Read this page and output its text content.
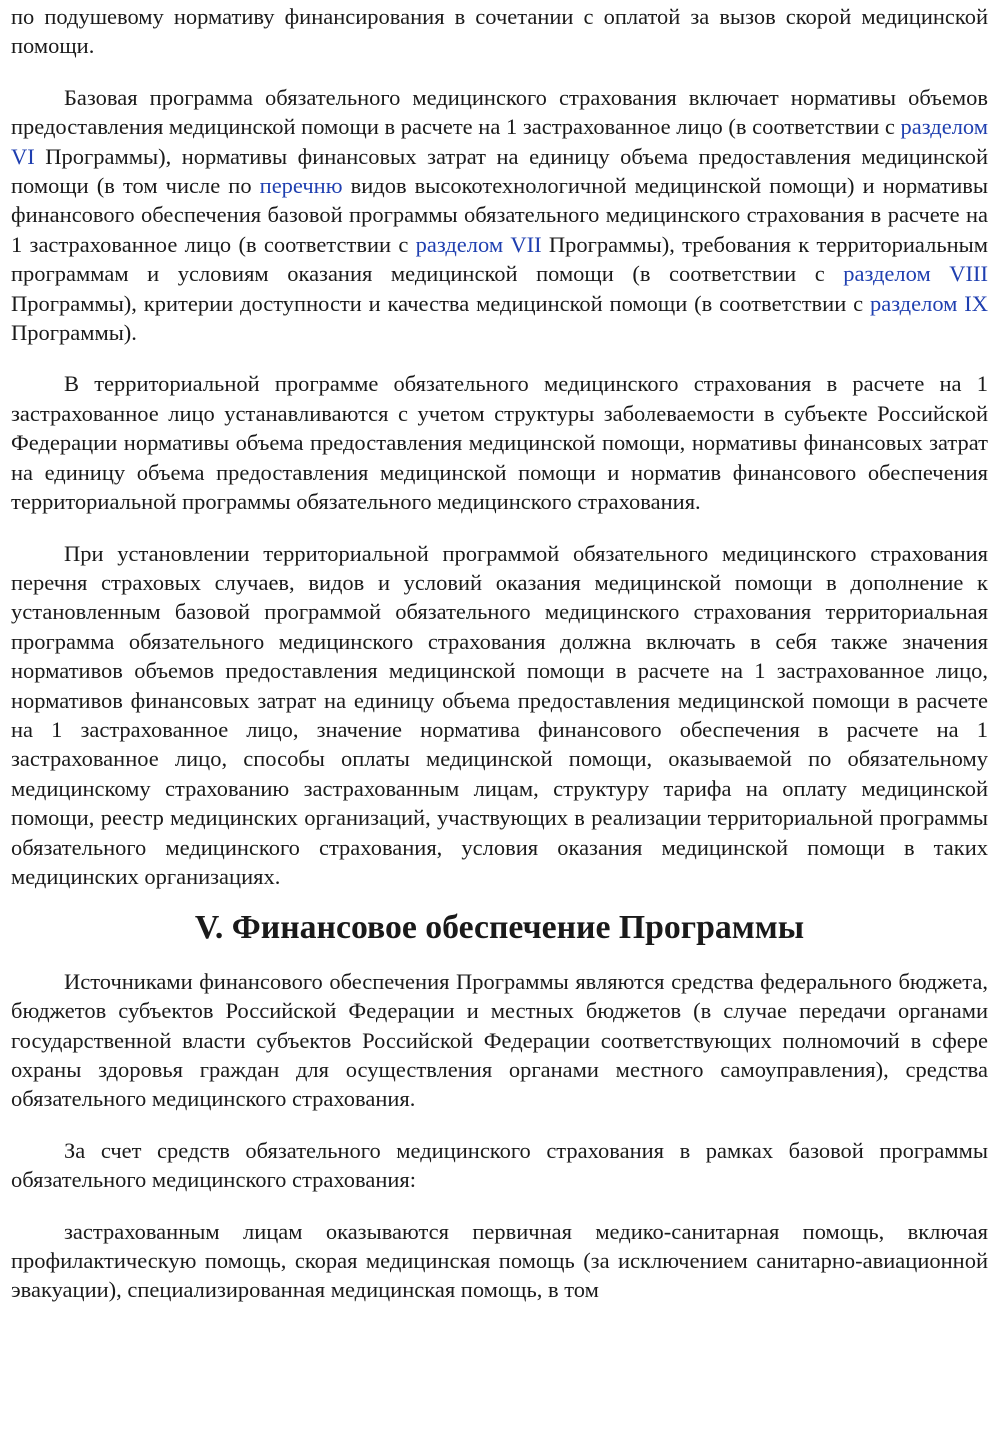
по подушевому нормативу финансирования в сочетании с оплатой за вызов скорой медицинской помощи.

Базовая программа обязательного медицинского страхования включает нормативы объемов предоставления медицинской помощи в расчете на 1 застрахованное лицо (в соответствии с разделом VI Программы), нормативы финансовых затрат на единицу объема предоставления медицинской помощи (в том числе по перечню видов высокотехнологичной медицинской помощи) и нормативы финансового обеспечения базовой программы обязательного медицинского страхования в расчете на 1 застрахованное лицо (в соответствии с разделом VII Программы), требования к территориальным программам и условиям оказания медицинской помощи (в соответствии с разделом VIII Программы), критерии доступности и качества медицинской помощи (в соответствии с разделом IX Программы).

В территориальной программе обязательного медицинского страхования в расчете на 1 застрахованное лицо устанавливаются с учетом структуры заболеваемости в субъекте Российской Федерации нормативы объема предоставления медицинской помощи, нормативы финансовых затрат на единицу объема предоставления медицинской помощи и норматив финансового обеспечения территориальной программы обязательного медицинского страхования.

При установлении территориальной программой обязательного медицинского страхования перечня страховых случаев, видов и условий оказания медицинской помощи в дополнение к установленным базовой программой обязательного медицинского страхования территориальная программа обязательного медицинского страхования должна включать в себя также значения нормативов объемов предоставления медицинской помощи в расчете на 1 застрахованное лицо, нормативов финансовых затрат на единицу объема предоставления медицинской помощи в расчете на 1 застрахованное лицо, значение норматива финансового обеспечения в расчете на 1 застрахованное лицо, способы оплаты медицинской помощи, оказываемой по обязательному медицинскому страхованию застрахованным лицам, структуру тарифа на оплату медицинской помощи, реестр медицинских организаций, участвующих в реализации территориальной программы обязательного медицинского страхования, условия оказания медицинской помощи в таких медицинских организациях.

V. Финансовое обеспечение Программы

Источниками финансового обеспечения Программы являются средства федерального бюджета, бюджетов субъектов Российской Федерации и местных бюджетов (в случае передачи органами государственной власти субъектов Российской Федерации соответствующих полномочий в сфере охраны здоровья граждан для осуществления органами местного самоуправления), средства обязательного медицинского страхования.

За счет средств обязательного медицинского страхования в рамках базовой программы обязательного медицинского страхования:

застрахованным лицам оказываются первичная медико-санитарная помощь, включая профилактическую помощь, скорая медицинская помощь (за исключением санитарно-авиационной эвакуации), специализированная медицинская помощь, в том
